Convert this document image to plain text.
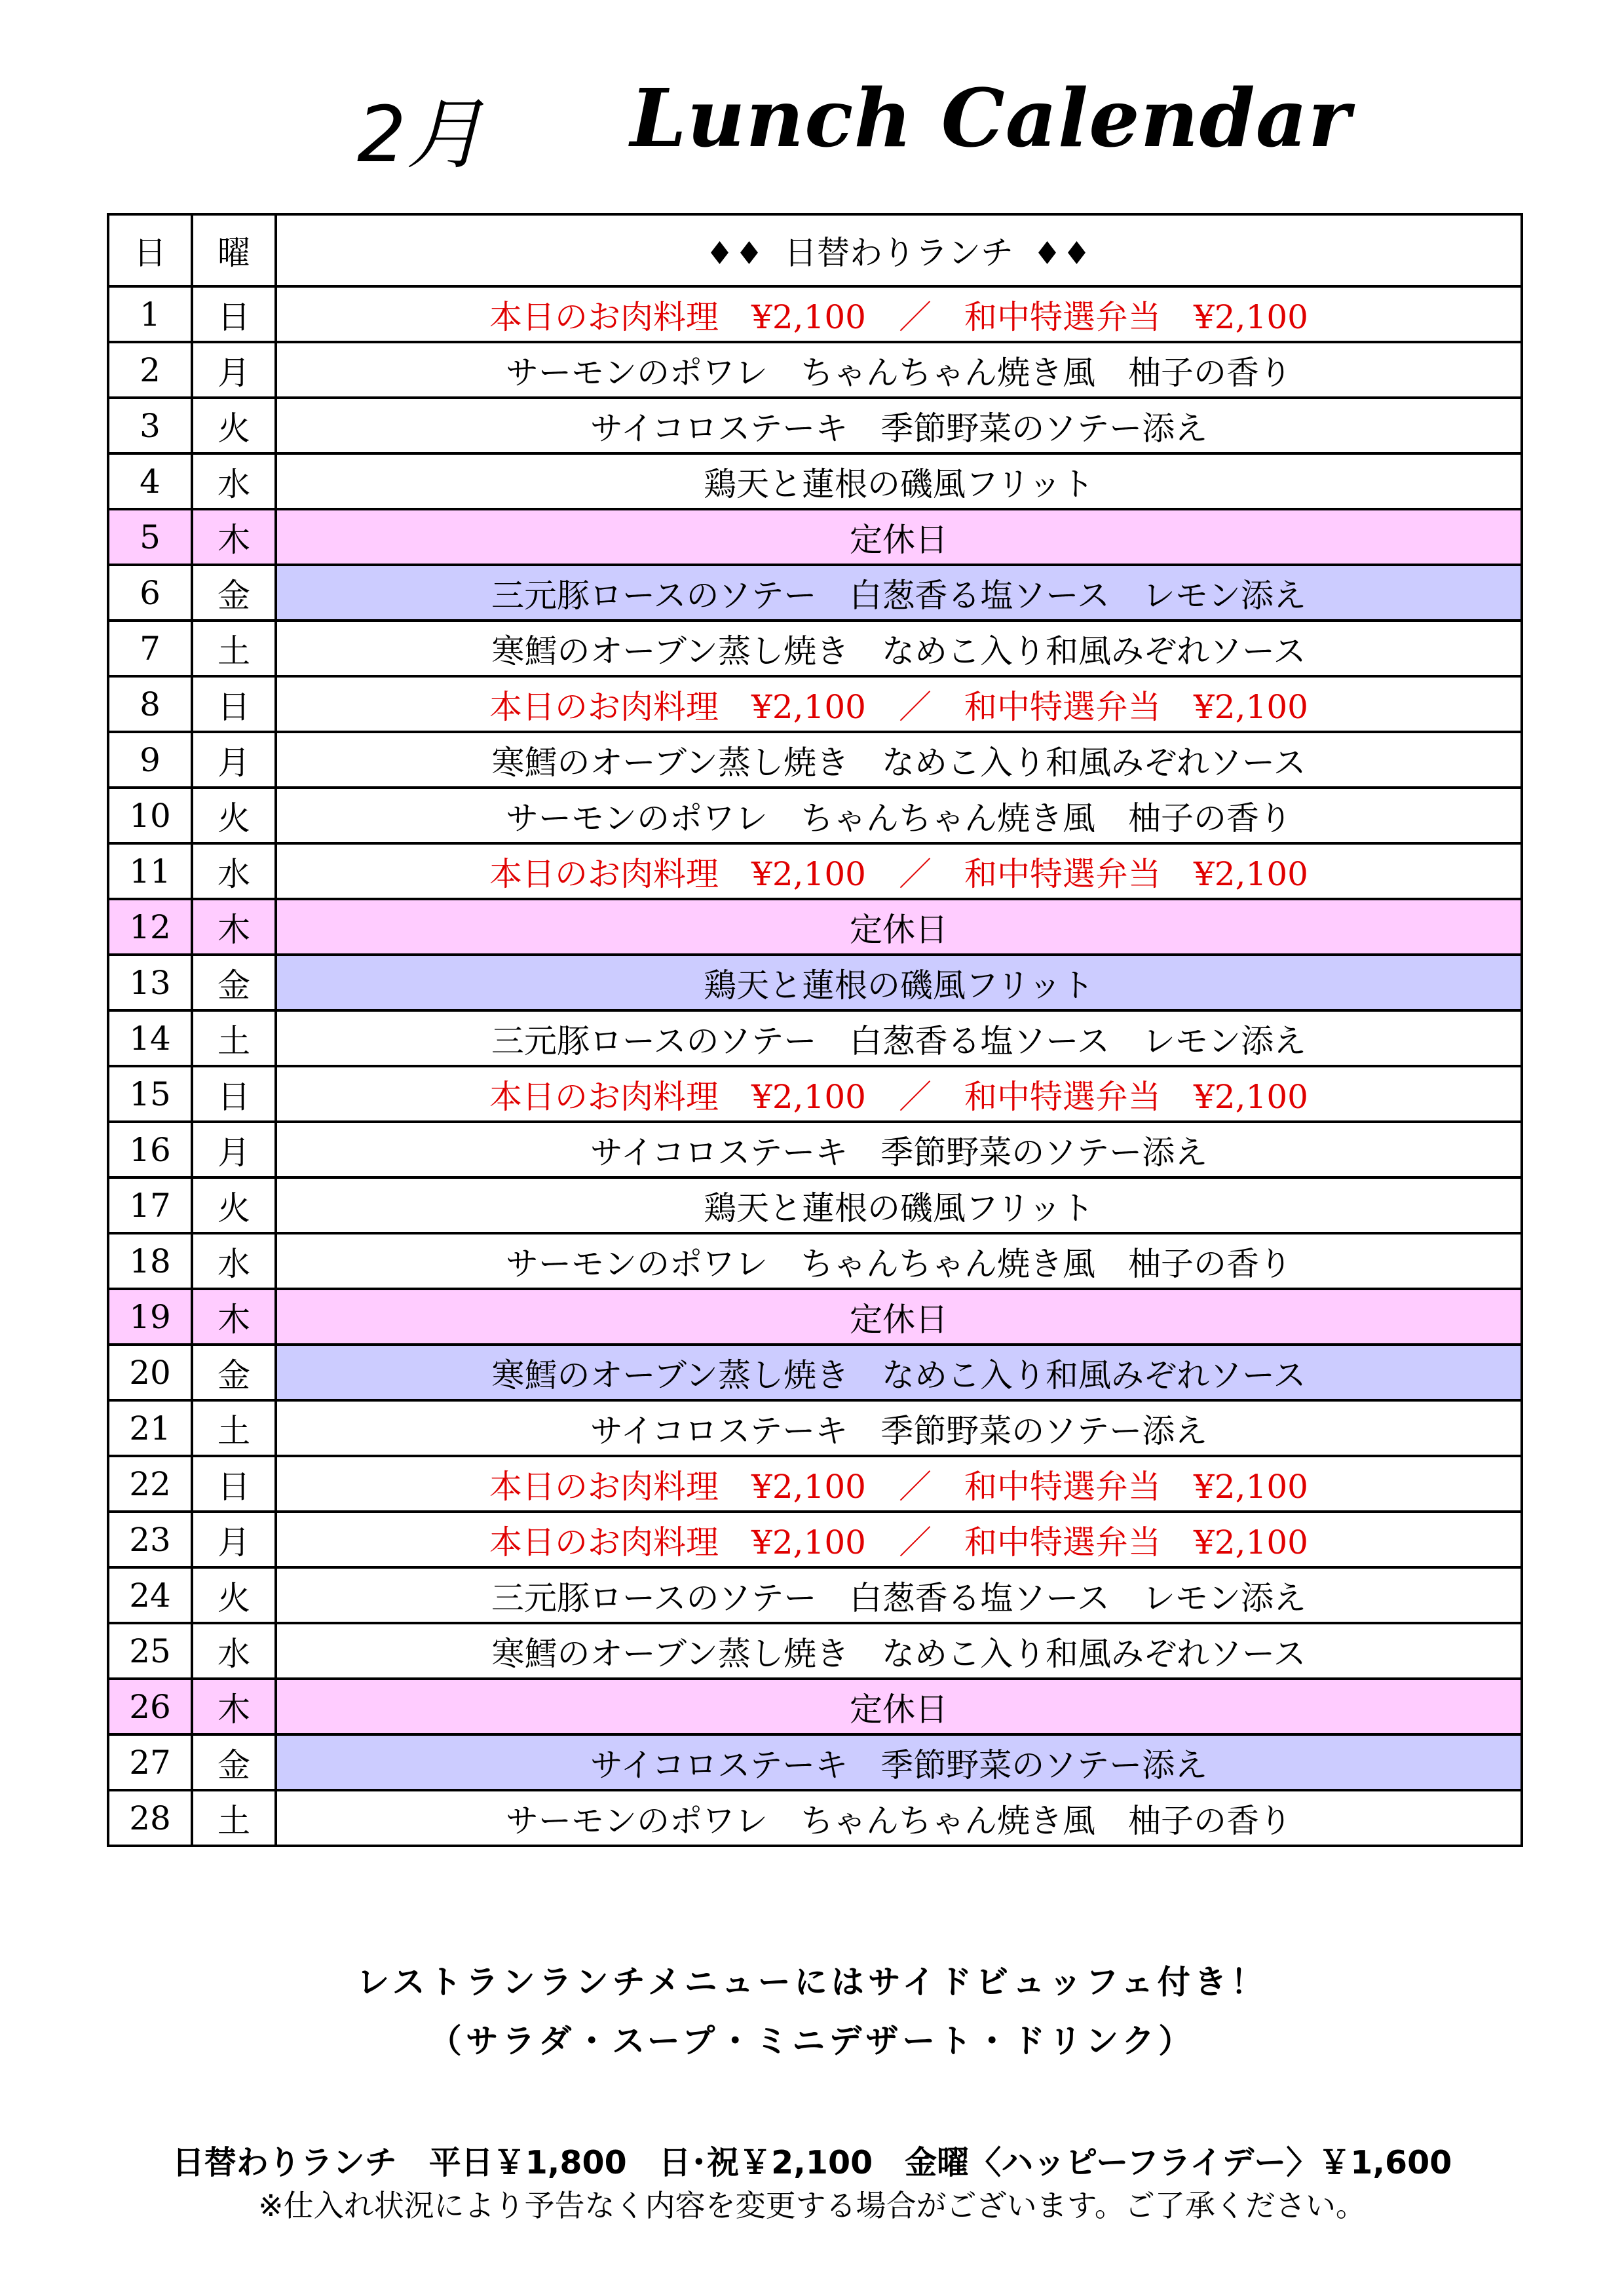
2月 Lunch Calendar
日	曜	♦♦ 日替わりランチ ♦♦
1	日	本日のお肉料理　¥2,100　／　和中特選弁当　¥2,100
2	月	サーモンのポワレ　ちゃんちゃん焼き風　柚子の香り
3	火	サイコロステーキ　季節野菜のソテー添え
4	水	鶏天と蓮根の磯風フリット
5	木	定休日
6	金	三元豚ロースのソテー　白葱香る塩ソース　レモン添え
7	土	寒鱈のオーブン蒸し焼き　なめこ入り和風みぞれソース
8	日	本日のお肉料理　¥2,100　／　和中特選弁当　¥2,100
9	月	寒鱈のオーブン蒸し焼き　なめこ入り和風みぞれソース
10	火	サーモンのポワレ　ちゃんちゃん焼き風　柚子の香り
11	水	本日のお肉料理　¥2,100　／　和中特選弁当　¥2,100
12	木	定休日
13	金	鶏天と蓮根の磯風フリット
14	土	三元豚ロースのソテー　白葱香る塩ソース　レモン添え
15	日	本日のお肉料理　¥2,100　／　和中特選弁当　¥2,100
16	月	サイコロステーキ　季節野菜のソテー添え
17	火	鶏天と蓮根の磯風フリット
18	水	サーモンのポワレ　ちゃんちゃん焼き風　柚子の香り
19	木	定休日
20	金	寒鱈のオーブン蒸し焼き　なめこ入り和風みぞれソース
21	土	サイコロステーキ　季節野菜のソテー添え
22	日	本日のお肉料理　¥2,100　／　和中特選弁当　¥2,100
23	月	本日のお肉料理　¥2,100　／　和中特選弁当　¥2,100
24	火	三元豚ロースのソテー　白葱香る塩ソース　レモン添え
25	水	寒鱈のオーブン蒸し焼き　なめこ入り和風みぞれソース
26	木	定休日
27	金	サイコロステーキ　季節野菜のソテー添え
28	土	サーモンのポワレ　ちゃんちゃん焼き風　柚子の香り
レストランランチメニューにはサイドビュッフェ付き！
（サラダ・スープ・ミニデザート・ドリンク）
日替わりランチ　平日￥1,800　日･祝￥2,100　金曜〈ハッピーフライデー〉￥1,600
※仕入れ状況により予告なく内容を変更する場合がございます。ご了承ください。
